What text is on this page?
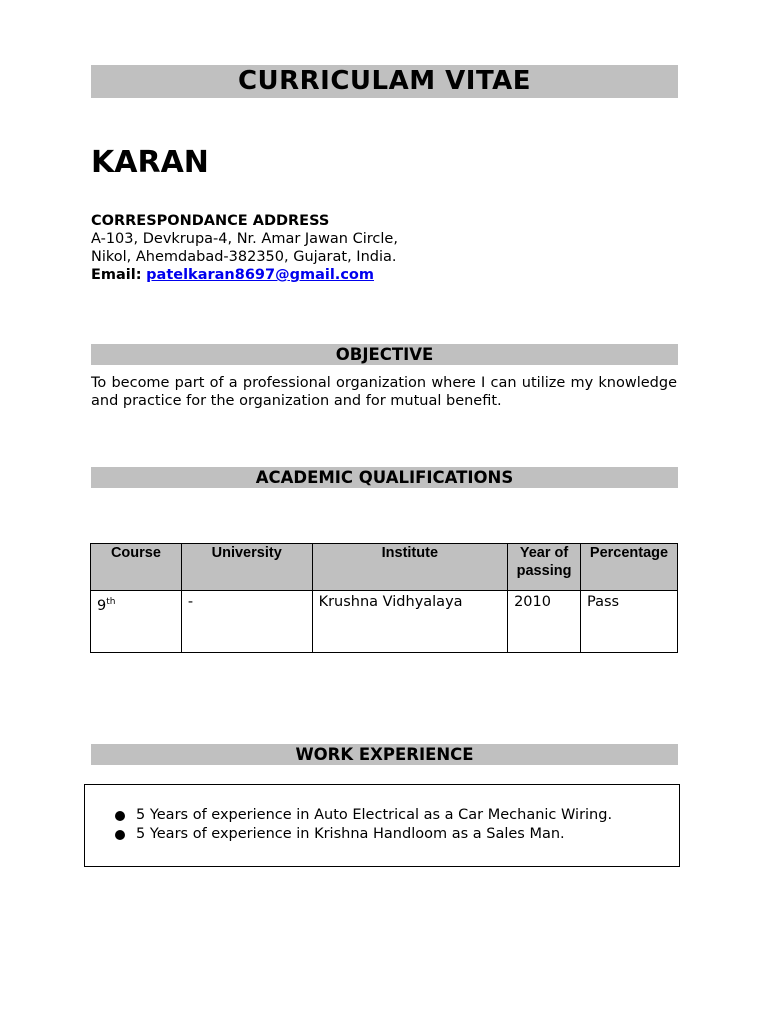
CURRICULAM VITAE
KARAN
CORRESPONDANCE ADDRESS
A-103, Devkrupa-4, Nr. Amar Jawan Circle,
Nikol, Ahemdabad-382350, Gujarat, India.
Email: patelkaran8697@gmail.com
OBJECTIVE
To become part of a professional organization where I can utilize my knowledge and practice for the organization and for mutual benefit.
ACADEMIC QUALIFICATIONS
Course	University	Institute	Year of passing	Percentage
9th	-	Krushna Vidhyalaya	2010	Pass
WORK EXPERIENCE
5 Years of experience in Auto Electrical as a Car Mechanic Wiring.
5 Years of experience in Krishna Handloom as a Sales Man.
